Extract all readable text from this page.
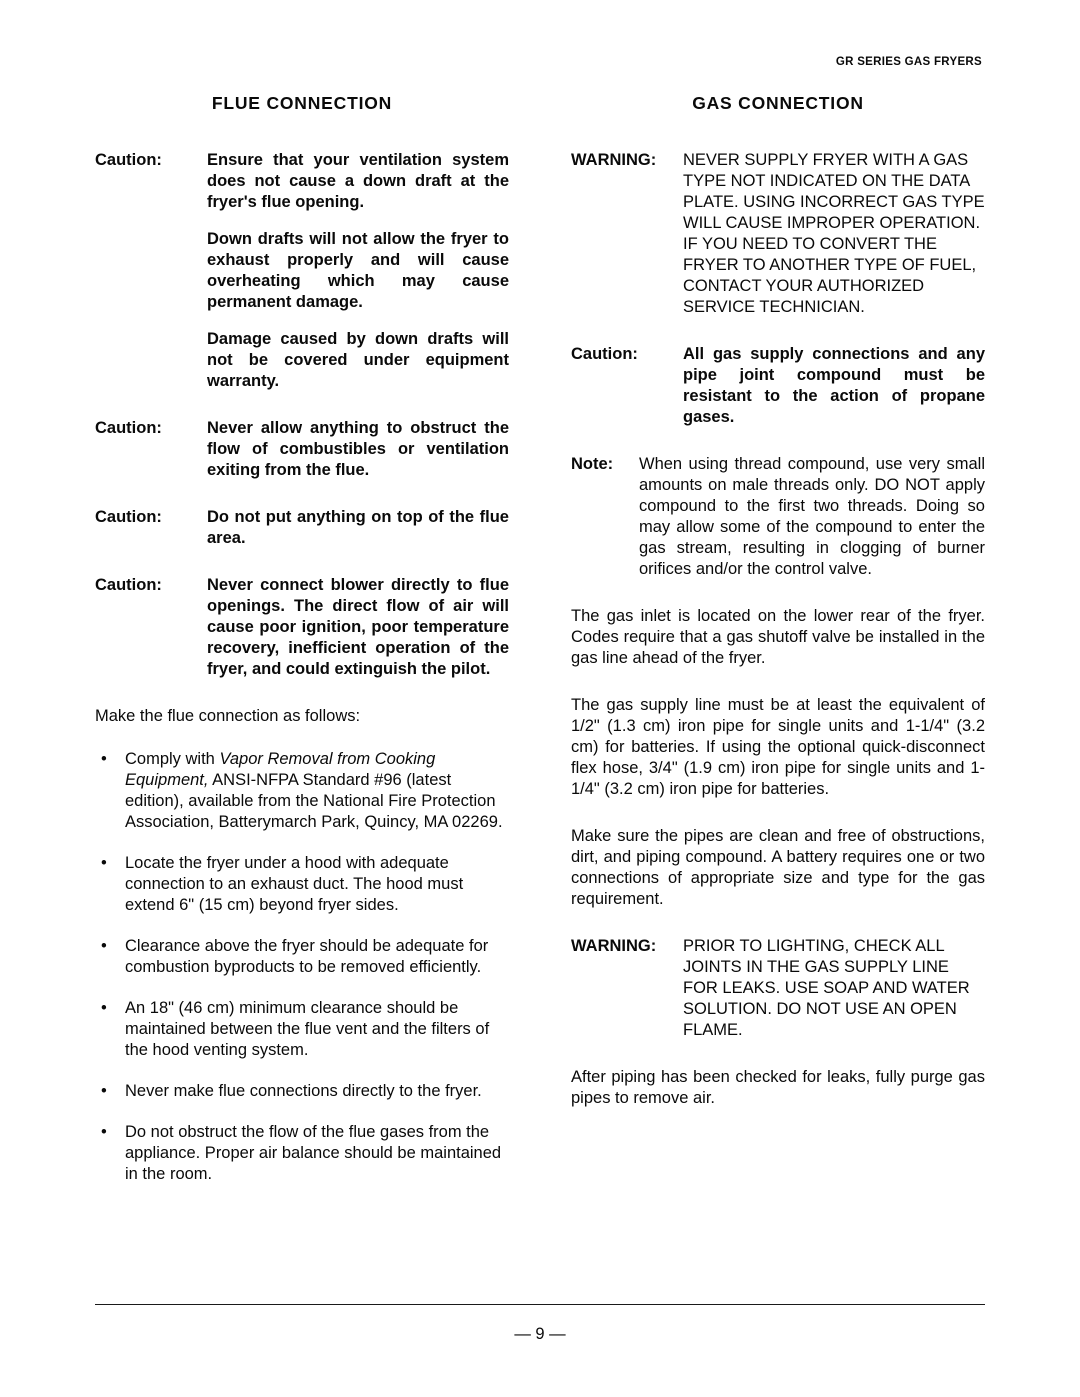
GR SERIES GAS FRYERS
FLUE CONNECTION
Caution:	Ensure that your ventilation system does not cause a down draft at the fryer's flue opening.

Down drafts will not allow the fryer to exhaust properly and will cause overheating which may cause permanent damage.

Damage caused by down drafts will not be covered under equipment warranty.

Caution:	Never allow anything to obstruct the flow of combustibles or ventilation exiting from the flue.

Caution:	Do not put anything on top of the flue area.

Caution:	Never connect blower directly to flue openings. The direct flow of air will cause poor ignition, poor temperature recovery, inefficient operation of the fryer, and could extinguish the pilot.

Make the flue connection as follows:
•	Comply with Vapor Removal from Cooking Equipment, ANSI-NFPA Standard #96 (latest edition), available from the National Fire Protection Association, Batterymarch Park, Quincy, MA 02269.
•	Locate the fryer under a hood with adequate connection to an exhaust duct. The hood must extend 6" (15 cm) beyond fryer sides.
•	Clearance above the fryer should be adequate for combustion byproducts to be removed efficiently.
•	An 18" (46 cm) minimum clearance should be maintained between the flue vent and the filters of the hood venting system.
•	Never make flue connections directly to the fryer.
•	Do not obstruct the flow of the flue gases from the appliance. Proper air balance should be maintained in the room.
GAS CONNECTION
WARNING:	NEVER SUPPLY FRYER WITH A GAS TYPE NOT INDICATED ON THE DATA PLATE. USING INCORRECT GAS TYPE WILL CAUSE IMPROPER OPERATION. IF YOU NEED TO CONVERT THE FRYER TO ANOTHER TYPE OF FUEL, CONTACT YOUR AUTHORIZED SERVICE TECHNICIAN.

Caution:	All gas supply connections and any pipe joint compound must be resistant to the action of propane gases.

Note:	When using thread compound, use very small amounts on male threads only. DO NOT apply compound to the first two threads. Doing so may allow some of the compound to enter the gas stream, resulting in clogging of burner orifices and/or the control valve.

The gas inlet is located on the lower rear of the fryer. Codes require that a gas shutoff valve be installed in the gas line ahead of the fryer.
The gas supply line must be at least the equivalent of 1/2" (1.3 cm) iron pipe for single units and 1-1/4" (3.2 cm) for batteries. If using the optional quick-disconnect flex hose, 3/4" (1.9 cm) iron pipe for single units and 1-1/4" (3.2 cm) iron pipe for batteries.
Make sure the pipes are clean and free of obstructions, dirt, and piping compound. A battery requires one or two connections of appropriate size and type for the gas requirement.
WARNING:	PRIOR TO LIGHTING, CHECK ALL JOINTS IN THE GAS SUPPLY LINE FOR LEAKS. USE SOAP AND WATER SOLUTION. DO NOT USE AN OPEN FLAME.

After piping has been checked for leaks, fully purge gas pipes to remove air.
— 9 —
